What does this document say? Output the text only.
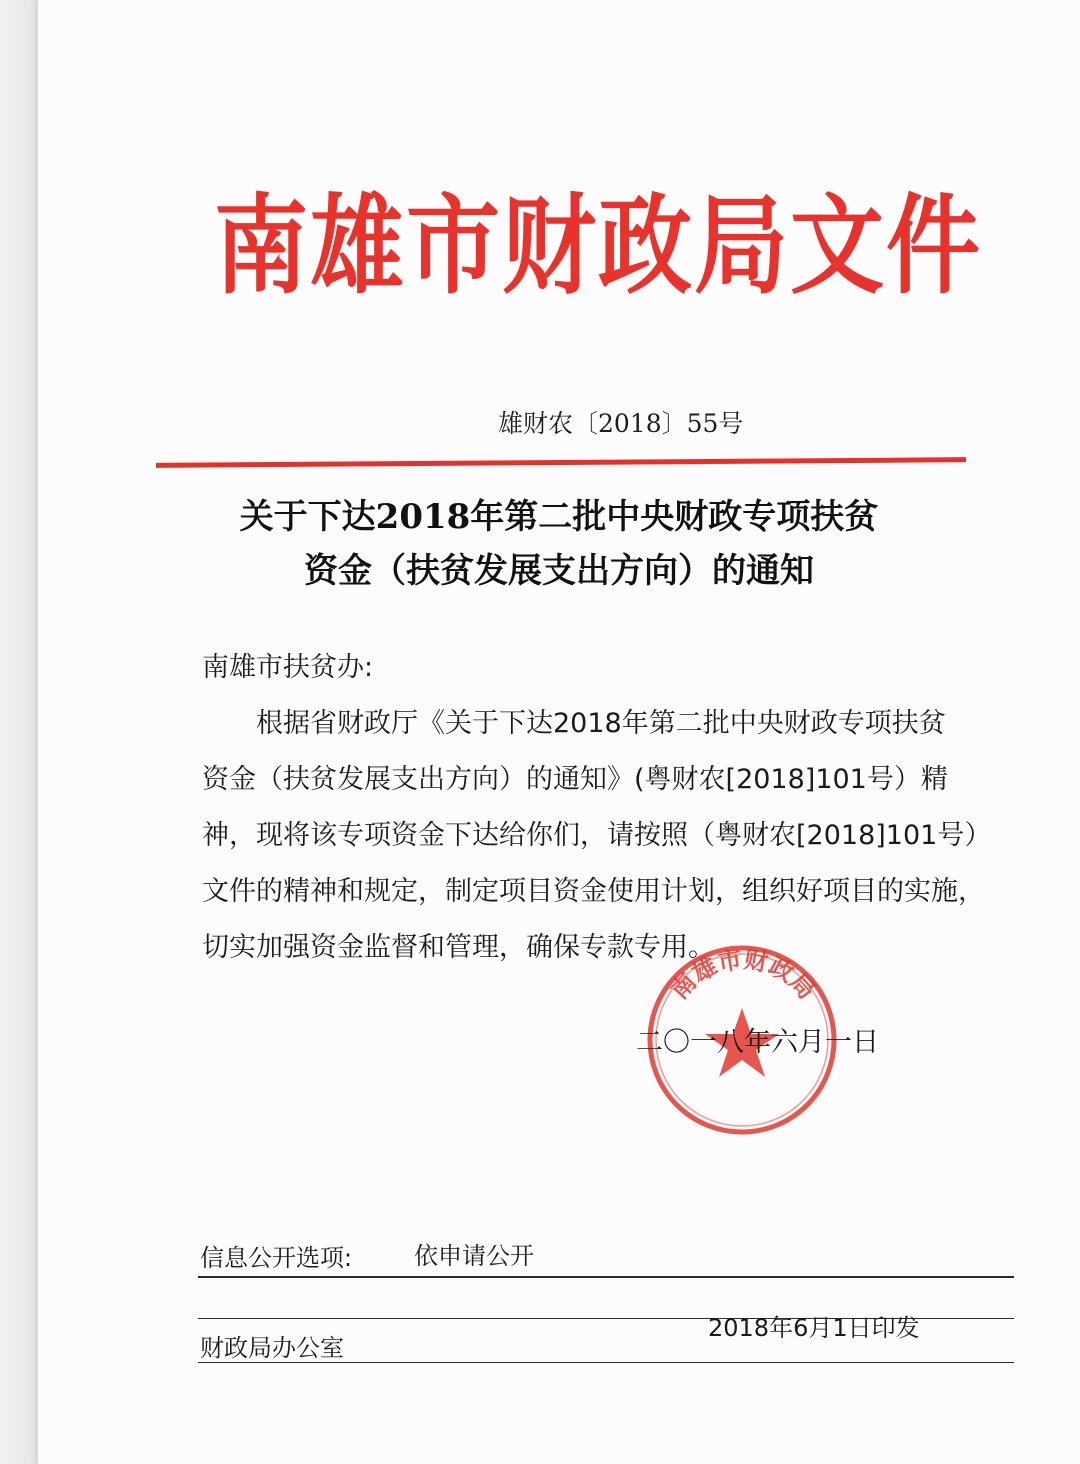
南雄市财政局文件
雄财农〔2018〕55号
关于下达2018年第二批中央财政专项扶贫
资金（扶贫发展支出方向）的通知
南雄市扶贫办:
根据省财政厅《关于下达2018年第二批中央财政专项扶贫
资金（扶贫发展支出方向）的通知》(粤财农[2018]101号）精
神，现将该专项资金下达给你们，请按照（粤财农[2018]101号）
文件的精神和规定，制定项目资金使用计划，组织好项目的实施，
切实加强资金监督和管理，确保专款专用。
南雄市财政局
二〇一八年六月一日
信息公开选项:	依申请公开
财政局办公室
2018年6月1日印发
